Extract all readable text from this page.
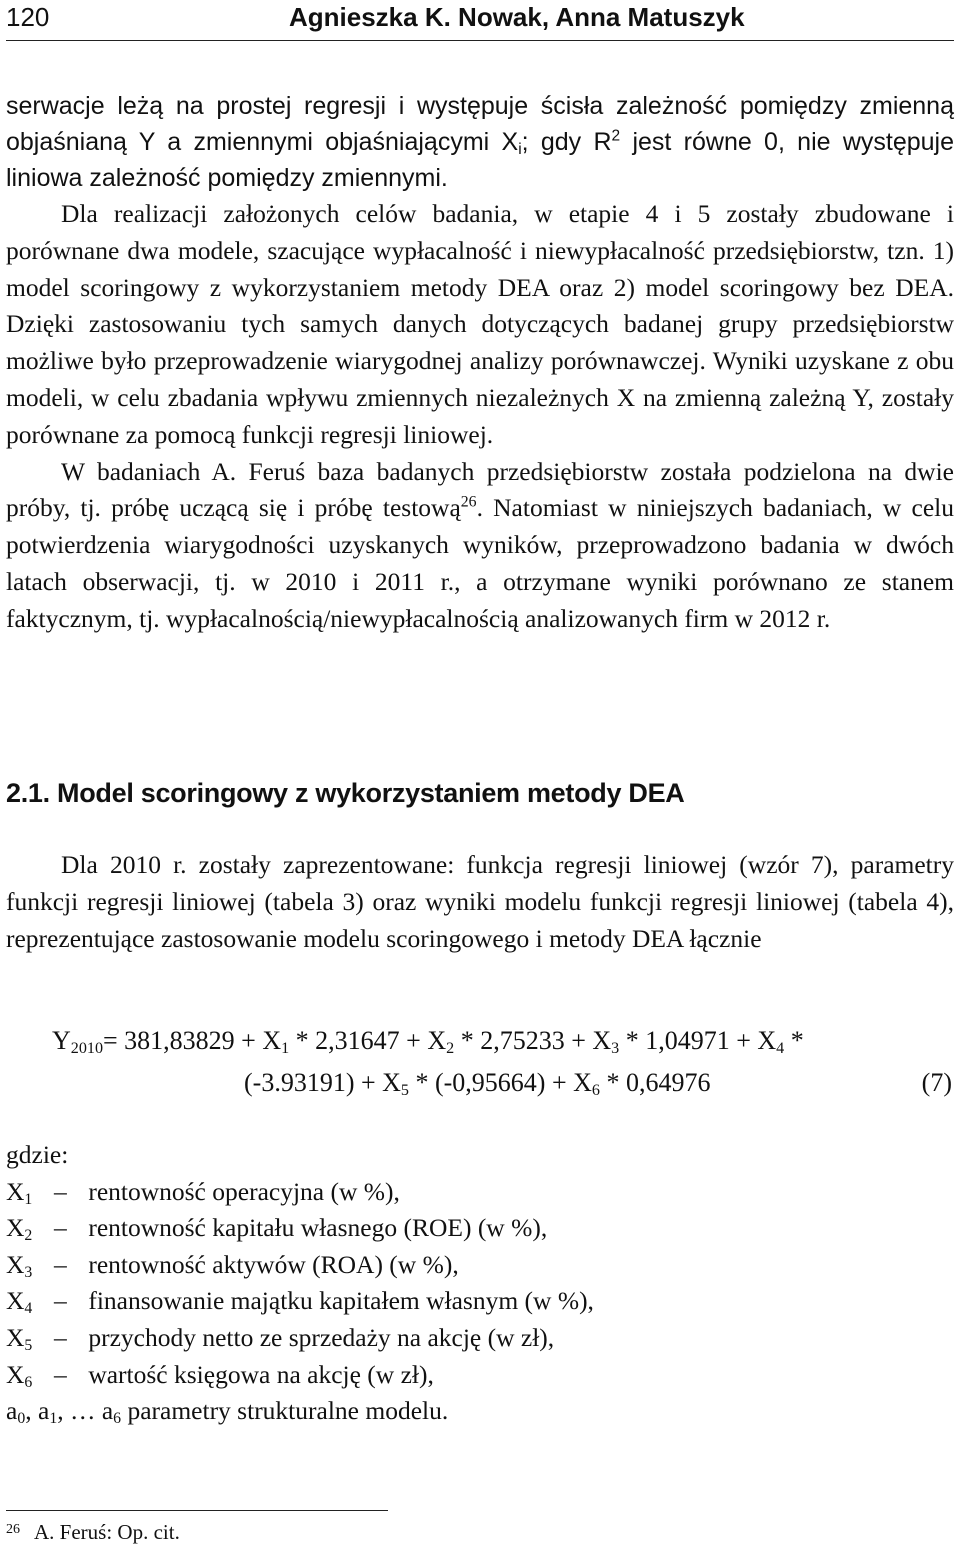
120	Agnieszka K. Nowak, Anna Matuszyk

serwacje leżą na prostej regresji i występuje ścisła zależność pomiędzy zmienną objaśnianą Y a zmiennymi objaśniającymi $X_i$; gdy $R^2$ jest równe 0, nie występuje liniowa zależność pomiędzy zmiennymi.

Dla realizacji założonych celów badania, w etapie 4 i 5 zostały zbudowane i porównane dwa modele, szacujące wypłacalność i niewypłacalność przedsiębiorstw, tzn. 1) model scoringowy z wykorzystaniem metody DEA oraz 2) model scoringowy bez DEA. Dzięki zastosowaniu tych samych danych dotyczących badanej grupy przedsiębiorstw możliwe było przeprowadzenie wiarygodnej analizy porównawczej. Wyniki uzyskane z obu modeli, w celu zbadania wpływu zmiennych niezależnych X na zmienną zależną Y, zostały porównane za pomocą funkcji regresji liniowej.

W badaniach A. Feruś baza badanych przedsiębiorstw została podzielona na dwie próby, tj. próbę uczącą się i próbę testową$^{26}$. Natomiast w niniejszych badaniach, w celu potwierdzenia wiarygodności uzyskanych wyników, przeprowadzono badania w dwóch latach obserwacji, tj. w 2010 i 2011 r., a otrzymane wyniki porównano ze stanem faktycznym, tj. wypłacalnością/niewypłacalnością analizowanych firm w 2012 r.

2.1. Model scoringowy z wykorzystaniem metody DEA

Dla 2010 r. zostały zaprezentowane: funkcja regresji liniowej (wzór 7), parametry funkcji regresji liniowej (tabela 3) oraz wyniki modelu funkcji regresji liniowej (tabela 4), reprezentujące zastosowanie modelu scoringowego i metody DEA łącznie

$Y_{2010}= 381,83829 + X_1 * 2,31647 + X_2 * 2,75233 + X_3 * 1,04971 + X_4$ *
$(-3.93191) + X_5 * (-0,95664) + X_6 * 0,64976$	(7)
gdzie:
$X_1$ – rentowność operacyjna (w %),
$X_2$ – rentowność kapitału własnego (ROE) (w %),
$X_3$ – rentowność aktywów (ROA) (w %),
$X_4$ – finansowanie majątku kapitałem własnym (w %),
$X_5$ – przychody netto ze sprzedaży na akcję (w zł),
$X_6$ – wartość księgowa na akcję (w zł),
$a_0$, $a_1$, … $a_6$ parametry strukturalne modelu.
$^{26}$ A. Feruś: Op. cit.
